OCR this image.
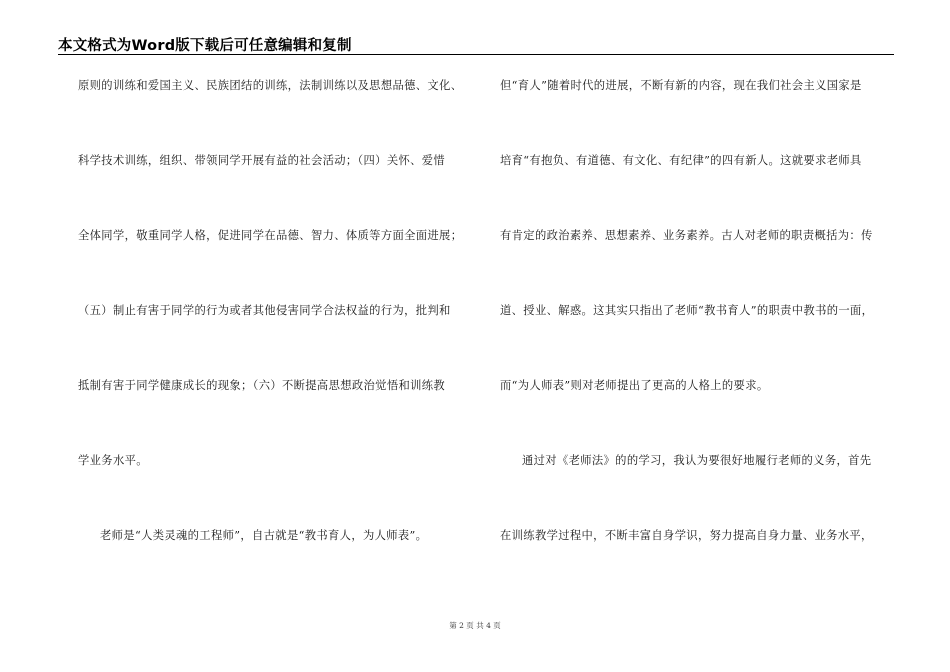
本文格式为Word版下载后可任意编辑和复制
原则的训练和爱国主义、民族团结的训练，法制训练以及思想品德、文化、
科学技术训练，组织、带领同学开展有益的社会活动；（四）关怀、爱惜
全体同学，敬重同学人格，促进同学在品德、智力、体质等方面全面进展；
（五）制止有害于同学的行为或者其他侵害同学合法权益的行为，批判和
抵制有害于同学健康成长的现象；（六）不断提高思想政治觉悟和训练教
学业务水平。
老师是“人类灵魂的工程师”，自古就是“教书育人，为人师表”。
但“育人”随着时代的进展，不断有新的内容，现在我们社会主义国家是
培育“有抱负、有道德、有文化、有纪律”的四有新人。这就要求老师具
有肯定的政治素养、思想素养、业务素养。古人对老师的职责概括为：传
道、授业、解惑。这其实只指出了老师“教书育人”的职责中教书的一面，
而“为人师表”则对老师提出了更高的人格上的要求。
通过对《老师法》的的学习，我认为要很好地履行老师的义务，首先
在训练教学过程中，不断丰富自身学识，努力提高自身力量、业务水平，
第 2 页 共 4 页
